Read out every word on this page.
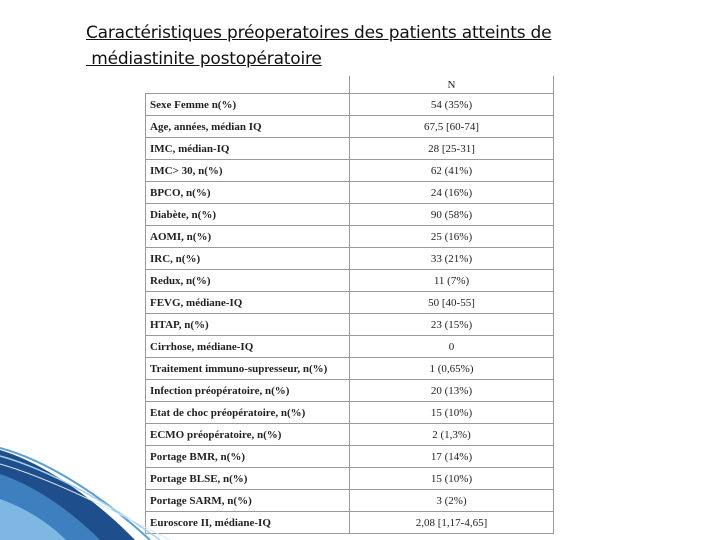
Caractéristiques préoperatoires des patients atteints de
médiastinite postopératoire
	N
Sexe Femme n(%)	54 (35%)
Age, années, médian IQ	67,5 [60-74]
IMC, médian-IQ	28 [25-31]
IMC> 30, n(%)	62 (41%)
BPCO, n(%)	24 (16%)
Diabète, n(%)	90 (58%)
AOMI, n(%)	25 (16%)
IRC, n(%)	33 (21%)
Redux, n(%)	11 (7%)
FEVG, médiane-IQ	50 [40-55]
HTAP, n(%)	23 (15%)
Cirrhose, médiane-IQ	0
Traitement immuno-supresseur, n(%)	1 (0,65%)
Infection préopératoire, n(%)	20 (13%)
Etat de choc préopératoire, n(%)	15 (10%)
ECMO préopératoire, n(%)	2 (1,3%)
Portage BMR, n(%)	17 (14%)
Portage BLSE, n(%)	15 (10%)
Portage SARM, n(%)	3 (2%)
Euroscore II, médiane-IQ	2,08 [1,17-4,65]
